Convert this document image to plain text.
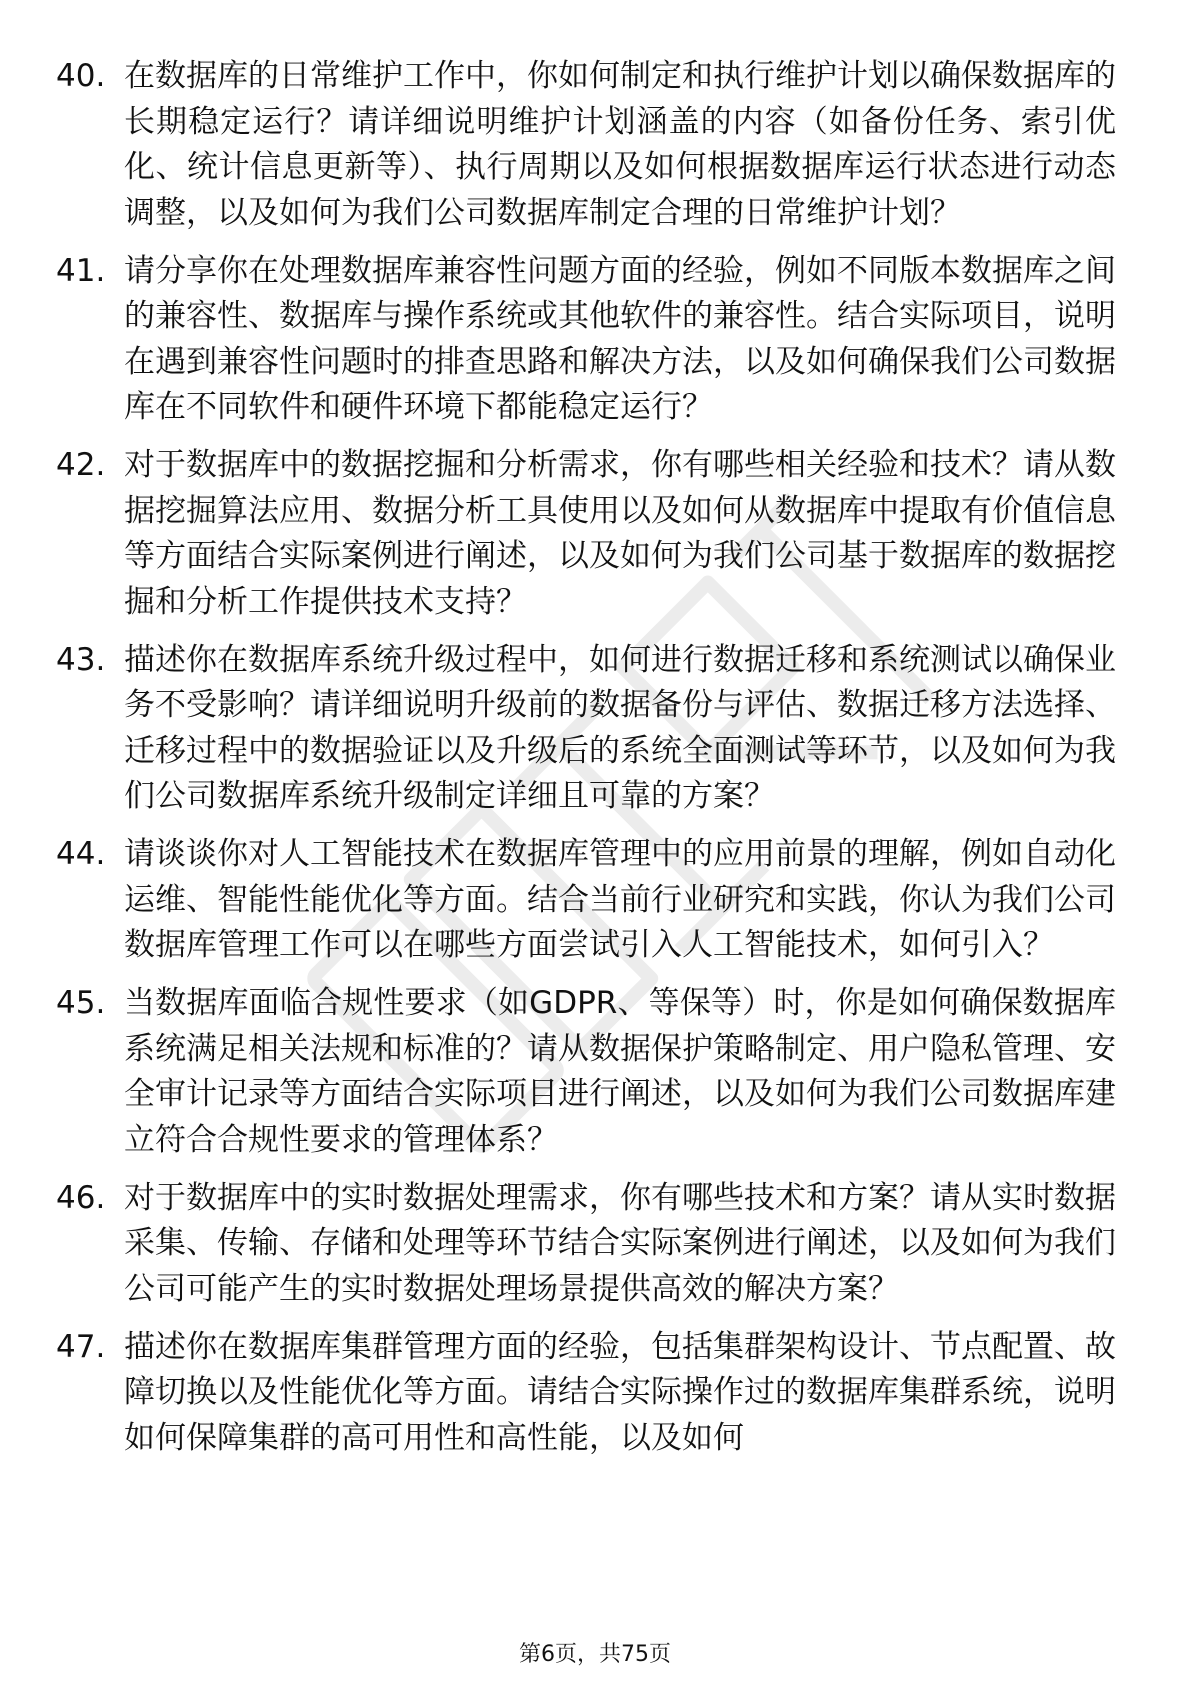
40. 在数据库的日常维护工作中，你如何制定和执行维护计划以确保数据库的长期稳定运行？请详细说明维护计划涵盖的内容（如备份任务、索引优化、统计信息更新等）、执行周期以及如何根据数据库运行状态进行动态调整，以及如何为我们公司数据库制定合理的日常维护计划？
41. 请分享你在处理数据库兼容性问题方面的经验，例如不同版本数据库之间的兼容性、数据库与操作系统或其他软件的兼容性。结合实际项目，说明在遇到兼容性问题时的排查思路和解决方法，以及如何确保我们公司数据库在不同软件和硬件环境下都能稳定运行？
42. 对于数据库中的数据挖掘和分析需求，你有哪些相关经验和技术？请从数据挖掘算法应用、数据分析工具使用以及如何从数据库中提取有价值信息等方面结合实际案例进行阐述，以及如何为我们公司基于数据库的数据挖掘和分析工作提供技术支持？
43. 描述你在数据库系统升级过程中，如何进行数据迁移和系统测试以确保业务不受影响？请详细说明升级前的数据备份与评估、数据迁移方法选择、迁移过程中的数据验证以及升级后的系统全面测试等环节，以及如何为我们公司数据库系统升级制定详细且可靠的方案？
44. 请谈谈你对人工智能技术在数据库管理中的应用前景的理解，例如自动化运维、智能性能优化等方面。结合当前行业研究和实践，你认为我们公司数据库管理工作可以在哪些方面尝试引入人工智能技术，如何引入？
45. 当数据库面临合规性要求（如GDPR、等保等）时，你是如何确保数据库系统满足相关法规和标准的？请从数据保护策略制定、用户隐私管理、安全审计记录等方面结合实际项目进行阐述，以及如何为我们公司数据库建立符合合规性要求的管理体系？
46. 对于数据库中的实时数据处理需求，你有哪些技术和方案？请从实时数据采集、传输、存储和处理等环节结合实际案例进行阐述，以及如何为我们公司可能产生的实时数据处理场景提供高效的解决方案？
47. 描述你在数据库集群管理方面的经验，包括集群架构设计、节点配置、故障切换以及性能优化等方面。请结合实际操作过的数据库集群系统，说明如何保障集群的高可用性和高性能，以及如何
第6页，共75页
